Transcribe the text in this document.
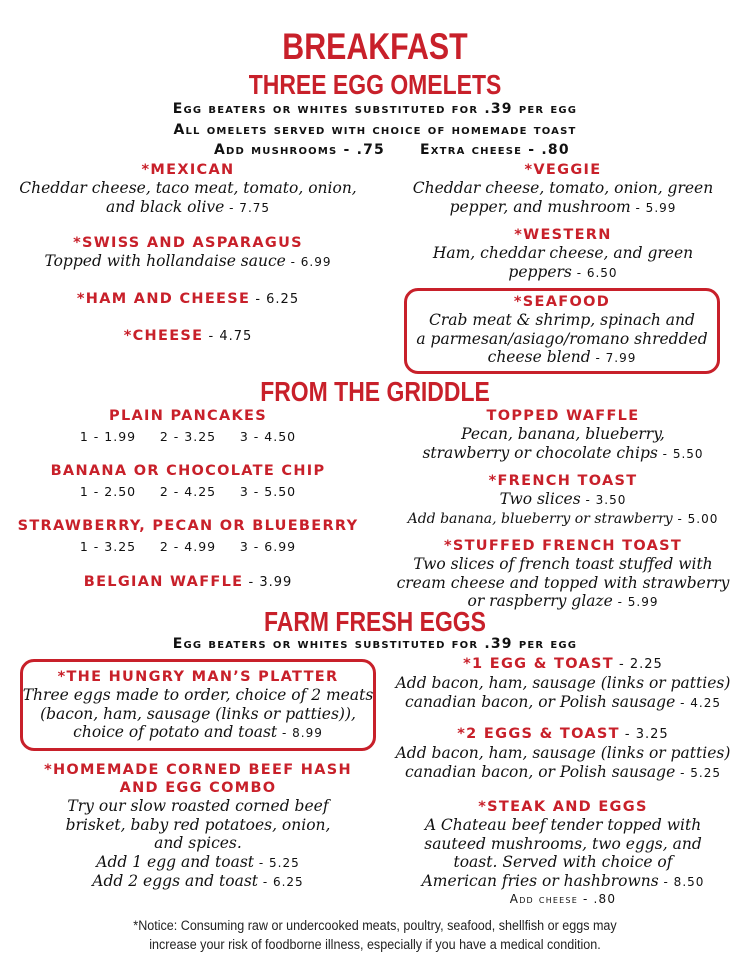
BREAKFAST
THREE EGG OMELETS
Egg beaters or whites substituted for .39 per egg
All omelets served with choice of homemade toast
Add mushrooms - .75	Extra cheese - .80
*MEXICAN
Cheddar cheese, taco meat, tomato, onion,
and black olive - 7.75
*SWISS AND ASPARAGUS
Topped with hollandaise sauce - 6.99
*HAM AND CHEESE - 6.25
*CHEESE - 4.75
*VEGGIE
Cheddar cheese, tomato, onion, green
pepper, and mushroom - 5.99
*WESTERN
Ham, cheddar cheese, and green
peppers - 6.50
*SEAFOOD
Crab meat & shrimp, spinach and
a parmesan/asiago/romano shredded
cheese blend - 7.99
FROM THE GRIDDLE
PLAIN PANCAKES
1 - 1.99 2 - 3.25 3 - 4.50
BANANA OR CHOCOLATE CHIP
1 - 2.50 2 - 4.25 3 - 5.50
STRAWBERRY, PECAN OR BLUEBERRY
1 - 3.25 2 - 4.99 3 - 6.99
BELGIAN WAFFLE - 3.99
TOPPED WAFFLE
Pecan, banana, blueberry,
strawberry or chocolate chips - 5.50
*FRENCH TOAST
Two slices - 3.50
Add banana, blueberry or strawberry - 5.00
*STUFFED FRENCH TOAST
Two slices of french toast stuffed with
cream cheese and topped with strawberry
or raspberry glaze - 5.99
FARM FRESH EGGS
Egg beaters or whites substituted for .39 per egg
*THE HUNGRY MAN’S PLATTER
Three eggs made to order, choice of 2 meats
(bacon, ham, sausage (links or patties)),
choice of potato and toast - 8.99
*HOMEMADE CORNED BEEF HASH
AND EGG COMBO
Try our slow roasted corned beef
brisket, baby red potatoes, onion,
and spices.
Add 1 egg and toast - 5.25
Add 2 eggs and toast - 6.25
*1 EGG & TOAST - 2.25
Add bacon, ham, sausage (links or patties)
canadian bacon, or Polish sausage - 4.25
*2 EGGS & TOAST - 3.25
Add bacon, ham, sausage (links or patties)
canadian bacon, or Polish sausage - 5.25
*STEAK AND EGGS
A Chateau beef tender topped with
sauteed mushrooms, two eggs, and
toast. Served with choice of
American fries or hashbrowns - 8.50
Add cheese - .80
*Notice: Consuming raw or undercooked meats, poultry, seafood, shellfish or eggs may
increase your risk of foodborne illness, especially if you have a medical condition.
